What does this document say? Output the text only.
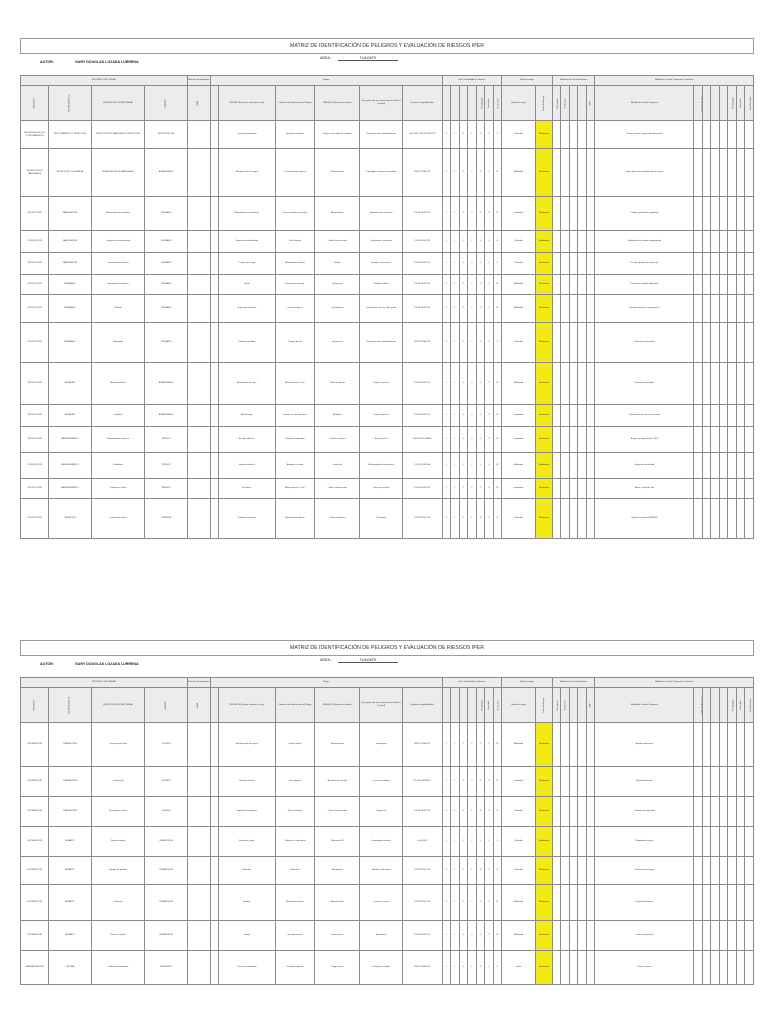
MATRIZ DE IDENTIFICACIÓN DE PELIGROS Y EVALUACIÓN DE RIESGOS IPER
AUTOR:	GARY DOUGLAS LOZADA LURRENA
AREA:	TUAGATE
PROCESO O ACTIVIDAD				Relación del trabajador	Peligro						Eval. Probabilidad: Ordinaria							Nivel de riesgo		Medidas de Control Existente					Medida de Control Propuestas: Controles							
PROCESO	Sub-PROCESO (1)	SUB PROCESO (2) ACTIVIDAD	PUESTO	R/NR		PELIGROS (Fuente, situación o acto)	Condición de Exposición del Peligro	RIESGOS (Evento o incidente)	Descripción de las consecuencias (Daño a la salud)	Requisito Legal Aplicable					Probabilidad	Severidad	Prob x Sev	Grado de riesgo	Nivel del Riesgo	Eliminación	Sustitución			EPP	Medida de Control Propuesta					Probabilidad	Severidad	Nivel Residual
GESTIÓN DE RR. HH. (CONTRATACIÓN)	RECLUTAMIENTO Y SELECCIÓN	SELECCIÓN DE CANDIDATOS E INDUCCIÓN	JEFE DE RR. HH.			Uso de computadora	Operación continua	Fatiga visual, dolor de espalda	Trastornos musculoesqueléticos	Ley 29783 / DS 005-2012-TR	1	1	2	1	5	1	5	Tolerable	Moderado						Pausas activas y ergonomía del puesto							
RECEPCIÓN DE MATERIALES	RECEPCIÓN Y DESCARGA	VERIFICACIÓN DE MATERIALES	ALMACENERO			Manipulación de cargas	Levantamiento manual	Sobreesfuerzo	Lumbalgias, lesiones de espalda	RM 375-2008-TR	1	1	2	2	6	2	12	Moderado	Moderado						Capacitación en levantamiento de cargas							
PRODUCCIÓN	FABRICACIÓN	Alimentación de producto	OPERARIO			Maquinaria en movimiento	Partes móviles sin guarda	Atrapamiento	Amputaciones, fracturas	DS 005-2012-TR	1	1	1	2	5	3	15	Importante	Moderado						Instalar guardas de seguridad							
PRODUCCIÓN	FABRICACIÓN	Limpieza y mantenimiento	OPERARIO			Superficies resbaladizas	Piso húmedo	Caída al mismo nivel	Contusiones, esguinces	DS 005-2012-TR	1	1	1	1	4	2	8	Tolerable	Moderado						Señalización y limpieza programada							
PRODUCCIÓN	FABRICACIÓN	Transporte de insumos	OPERARIO			Carga y descarga	Manipulación manual	Golpes	Heridas, contusiones	DS 005-2012-TR	1	1	1	2	5	1	5	Tolerable	Moderado						Uso de equipos de protección							
PRODUCCIÓN	ENVASADO	Envasado de producto	OPERARIO			Ruido	Exposición continua	Hipoacusia	Pérdida auditiva	DS 005-2012-TR	1	1	1	2	5	2	10	Moderado	Moderado						Protección auditiva obligatoria							
PRODUCCIÓN	ENVASADO	Sellado	OPERARIO			Superficies calientes	Contacto directo	Quemaduras	Quemaduras de 1er y 2do grado	DS 005-2012-TR	1	1	1	2	5	2	10	Moderado	Moderado						Guantes térmicos y capacitación							
PRODUCCIÓN	ENVASADO	Etiquetado	OPERARIO			Posturas forzadas	Trabajo de pie	Fatiga física	Trastornos musculoesqueléticos	RM 375-2008-TR	1	1	1	2	5	1	5	Tolerable	Moderado						Rotación de personal							
PRODUCCIÓN	ALMACÉN	Almacenamiento	ALMACENERO			Apilamiento de cajas	Altura superior a 2 m	Caída de objetos	Golpes, fracturas	DS 005-2012-TR	1	1	1	2	5	2	10	Moderado	Moderado						Estanterías ancladas							
PRODUCCIÓN	ALMACÉN	Despacho	ALMACENERO			Montacargas	Tránsito en zona peatonal	Atropello	Lesiones graves	DS 005-2012-TR	1	1	1	2	5	3	15	Importante	Moderado						Delimitación de zonas de tránsito							
PRODUCCIÓN	MANTENIMIENTO	Mantenimiento eléctrico	TÉCNICO			Energía eléctrica	Tableros energizados	Contacto eléctrico	Electrocución	RM 111-2013-MEM	1	1	1	2	5	3	15	Importante	Moderado						Bloqueo y etiquetado (LOTO)							
PRODUCCIÓN	MANTENIMIENTO	Soldadura	TÉCNICO			Humos metálicos	Ambiente cerrado	Inhalación	Enfermedades respiratorias	DS 015-2005-SA	1	1	1	2	5	2	10	Moderado	Moderado						Extracción localizada							
PRODUCCIÓN	MANTENIMIENTO	Trabajos en altura	TÉCNICO			Escaleras	Altura mayor a 1.8 m	Caída a distinto nivel	Fracturas, muerte	DS 005-2012-TR	1	1	1	2	5	3	15	Importante	Moderado						Arnés y línea de vida							
PRODUCCIÓN	SERVICIOS	Limpieza de áreas	LIMPIEZA			Productos químicos	Manipulación directa	Contacto químico	Dermatitis	DS 005-2012-TR	1	1	1	1	4	2	8	Tolerable	Moderado						Hojas de seguridad (MSDS)							
MATRIZ DE IDENTIFICACIÓN DE PELIGROS Y EVALUACIÓN DE RIESGOS IPER
AUTOR:	GARY DOUGLAS LOZADA LURRENA
AREA:	TUAGATE
PROCESO O ACTIVIDAD				Relación del trabajador	Peligro						Eval. Probabilidad: Ordinaria							Nivel de riesgo		Medidas de Control Existente					Medida de Control Propuestas: Controles							
PROCESO	Sub-PROCESO (1)	SUB PROCESO (2) ACTIVIDAD	PUESTO	R/NR		PELIGROS (Fuente, situación o acto)	Condición de Exposición del Peligro	RIESGOS (Evento o incidente)	Descripción de las consecuencias (Daño a la salud)	Requisito Legal Aplicable					Probabilidad	Severidad	Prob x Sev	Grado de riesgo	Nivel del Riesgo	Eliminación	Sustitución			EPP	Medida de Control Propuesta					Probabilidad	Severidad	Nivel Residual
DISTRIBUCIÓN	TRANSPORTE	Carga de vehículos	CHOFER			Manipulación de cargas	Carga manual	Sobreesfuerzo	Lumbalgias	RM 375-2008-TR	1	1	1	2	5	2	10	Moderado	Moderado						Ayudas mecánicas							
DISTRIBUCIÓN	TRANSPORTE	Conducción	CHOFER			Tránsito vehicular	Vías públicas	Accidente de tránsito	Lesiones múltiples	DS 016-2009-MTC	1	1	1	2	5	3	15	Importante	Moderado						Manejo defensivo							
DISTRIBUCIÓN	TRANSPORTE	Descarga en cliente	CHOFER			Superficies irregulares	Zonas externas	Caída al mismo nivel	Esguinces	DS 005-2012-TR	1	1	1	1	4	2	8	Tolerable	Moderado						Calzado de seguridad							
DISTRIBUCIÓN	REPARTO	Reparto urbano	REPARTIDOR			Exposición solar	Trabajo a la intemperie	Radiación UV	Quemaduras solares	Ley 30102	1	1	1	2	5	1	5	Tolerable	Moderado						Bloqueador y gorro							
DISTRIBUCIÓN	REPARTO	Entrega de pedidos	REPARTIDOR			Animales	Domicilios	Mordeduras	Heridas, infecciones	DS 005-2012-TR	1	1	1	1	4	2	8	Tolerable	Moderado						Protocolo de entrega							
DISTRIBUCIÓN	REPARTO	Cobranza	REPARTIDOR			Asaltos	Manejo de efectivo	Agresión física	Lesiones, estrés	DS 005-2012-TR	1	1	1	2	5	2	10	Moderado	Moderado						Pagos electrónicos							
DISTRIBUCIÓN	REPARTO	Retorno a planta	REPARTIDOR			Fatiga	Jornada extensa	Somnolencia	Accidentes	DS 005-2012-TR	1	1	1	2	5	2	10	Moderado	Moderado						Control de jornada							
ADMINISTRACIÓN	OFICINA	Trabajo administrativo	ASISTENTE			Uso de computadora	Jornada completa	Fatiga visual	Trastornos visuales	RM 375-2008-TR	1	1	1	1	4	1	4	Trivial	Moderado						Pausas activas							
